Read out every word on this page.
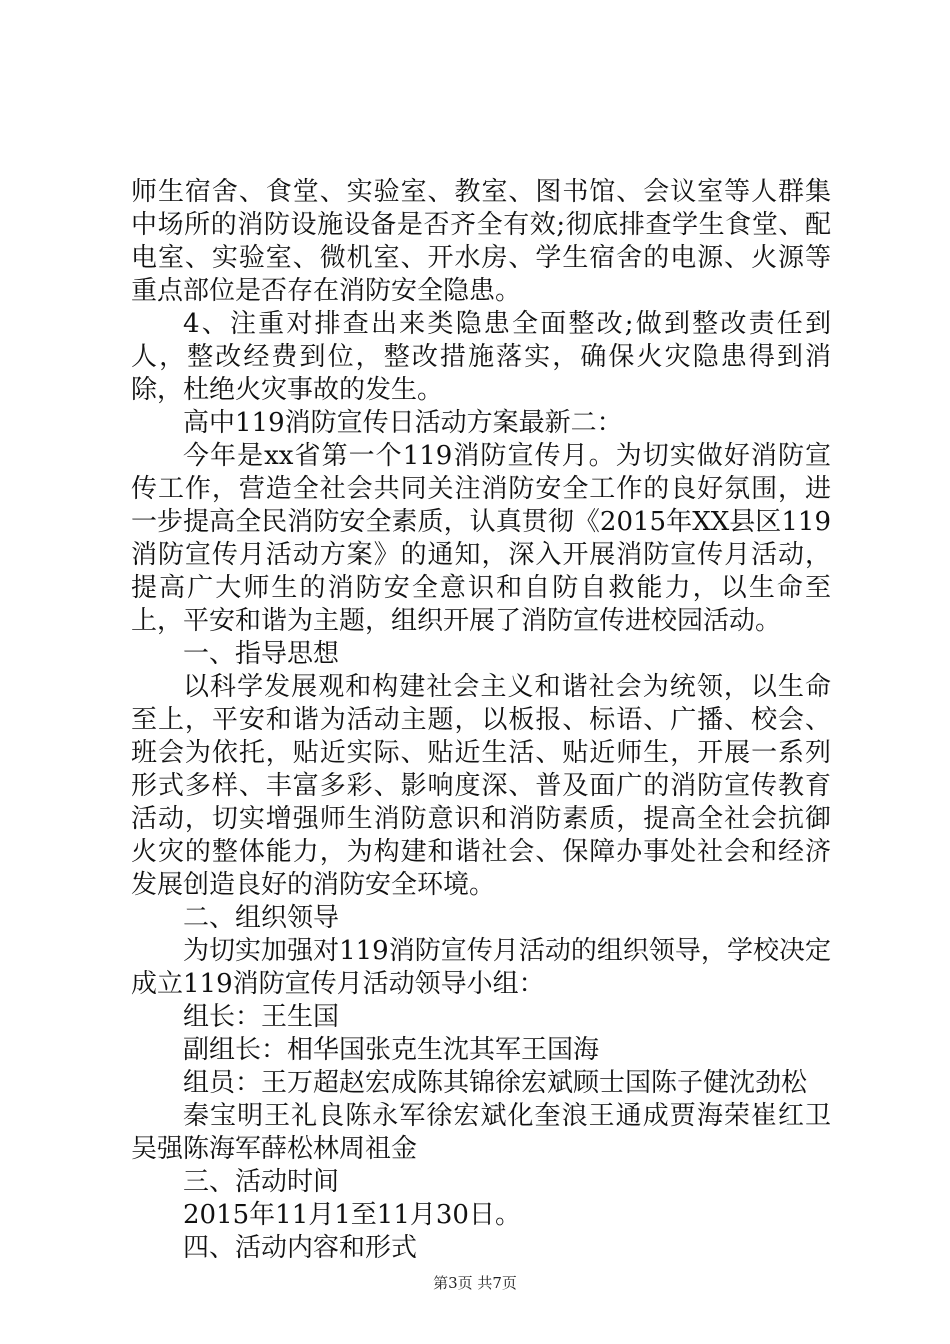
师生宿舍、食堂、实验室、教室、图书馆、会议室等人群集中场所的消防设施设备是否齐全有效;彻底排查学生食堂、配电室、实验室、微机室、开水房、学生宿舍的电源、火源等重点部位是否存在消防安全隐患。

4、注重对排查出来类隐患全面整改;做到整改责任到人，整改经费到位，整改措施落实，确保火灾隐患得到消除，杜绝火灾事故的发生。

高中119消防宣传日活动方案最新二：

今年是xx省第一个119消防宣传月。为切实做好消防宣传工作，营造全社会共同关注消防安全工作的良好氛围，进一步提高全民消防安全素质，认真贯彻《2015年XX县区119消防宣传月活动方案》的通知，深入开展消防宣传月活动，提高广大师生的消防安全意识和自防自救能力，以生命至上，平安和谐为主题，组织开展了消防宣传进校园活动。

一、指导思想

以科学发展观和构建社会主义和谐社会为统领，以生命至上，平安和谐为活动主题，以板报、标语、广播、校会、班会为依托，贴近实际、贴近生活、贴近师生，开展一系列形式多样、丰富多彩、影响度深、普及面广的消防宣传教育活动，切实增强师生消防意识和消防素质，提高全社会抗御火灾的整体能力，为构建和谐社会、保障办事处社会和经济发展创造良好的消防安全环境。

二、组织领导

为切实加强对119消防宣传月活动的组织领导，学校决定成立119消防宣传月活动领导小组：

组长：王生国

副组长：相华国张克生沈其军王国海

组员：王万超赵宏成陈其锦徐宏斌顾士国陈子健沈劲松

秦宝明王礼良陈永军徐宏斌化奎浪王通成贾海荣崔红卫吴强陈海军薛松林周祖金

三、活动时间

2015年11月1至11月30日。

四、活动内容和形式

第3页 共7页
